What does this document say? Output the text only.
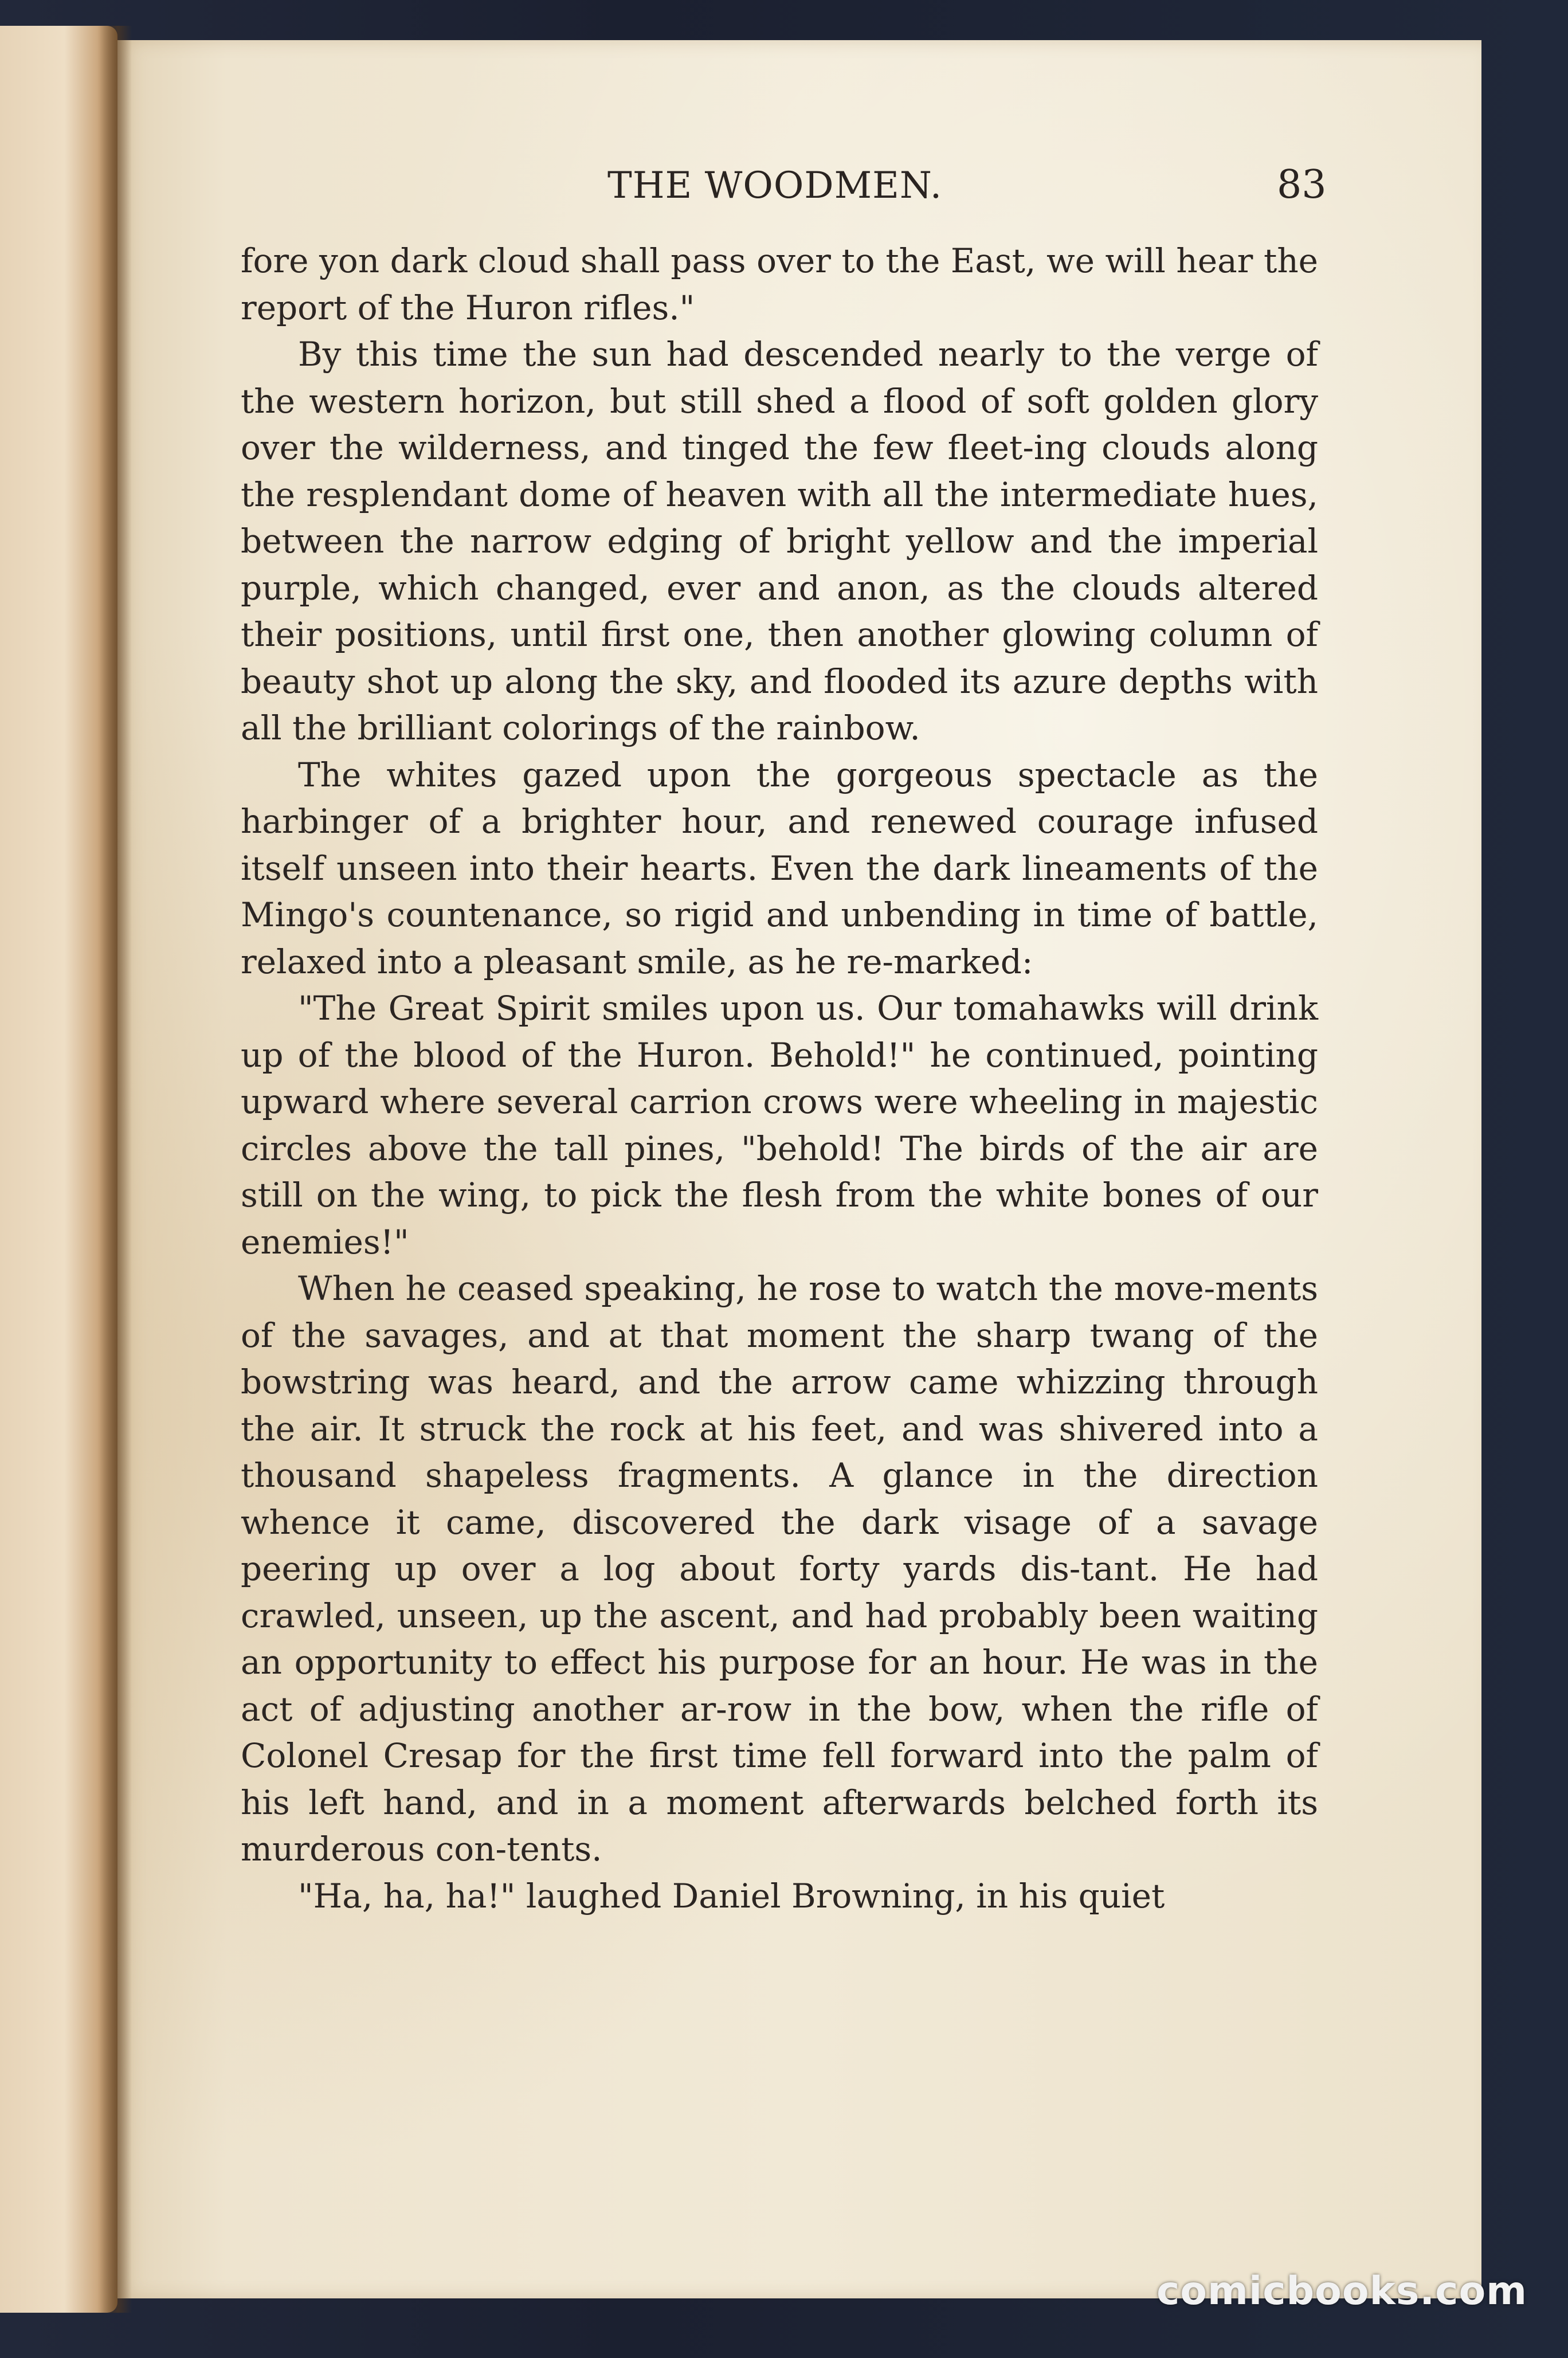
THE WOODMEN.	83

fore yon dark cloud shall pass over to the East, we will hear the report of the Huron rifles."

By this time the sun had descended nearly to the verge of the western horizon, but still shed a flood of soft golden glory over the wilderness, and tinged the few fleet-ing clouds along the resplendant dome of heaven with all the intermediate hues, between the narrow edging of bright yellow and the imperial purple, which changed, ever and anon, as the clouds altered their positions, until first one, then another glowing column of beauty shot up along the sky, and flooded its azure depths with all the brilliant colorings of the rainbow.

The whites gazed upon the gorgeous spectacle as the harbinger of a brighter hour, and renewed courage infused itself unseen into their hearts. Even the dark lineaments of the Mingo's countenance, so rigid and unbending in time of battle, relaxed into a pleasant smile, as he re-marked:

"The Great Spirit smiles upon us. Our tomahawks will drink up of the blood of the Huron. Behold!" he continued, pointing upward where several carrion crows were wheeling in majestic circles above the tall pines, "behold! The birds of the air are still on the wing, to pick the flesh from the white bones of our enemies!"

When he ceased speaking, he rose to watch the move-ments of the savages, and at that moment the sharp twang of the bowstring was heard, and the arrow came whizzing through the air. It struck the rock at his feet, and was shivered into a thousand shapeless fragments. A glance in the direction whence it came, discovered the dark visage of a savage peering up over a log about forty yards dis-tant. He had crawled, unseen, up the ascent, and had probably been waiting an opportunity to effect his purpose for an hour. He was in the act of adjusting another ar-row in the bow, when the rifle of Colonel Cresap for the first time fell forward into the palm of his left hand, and in a moment afterwards belched forth its murderous con-tents.

"Ha, ha, ha!" laughed Daniel Browning, in his quiet

comicbooks.com
